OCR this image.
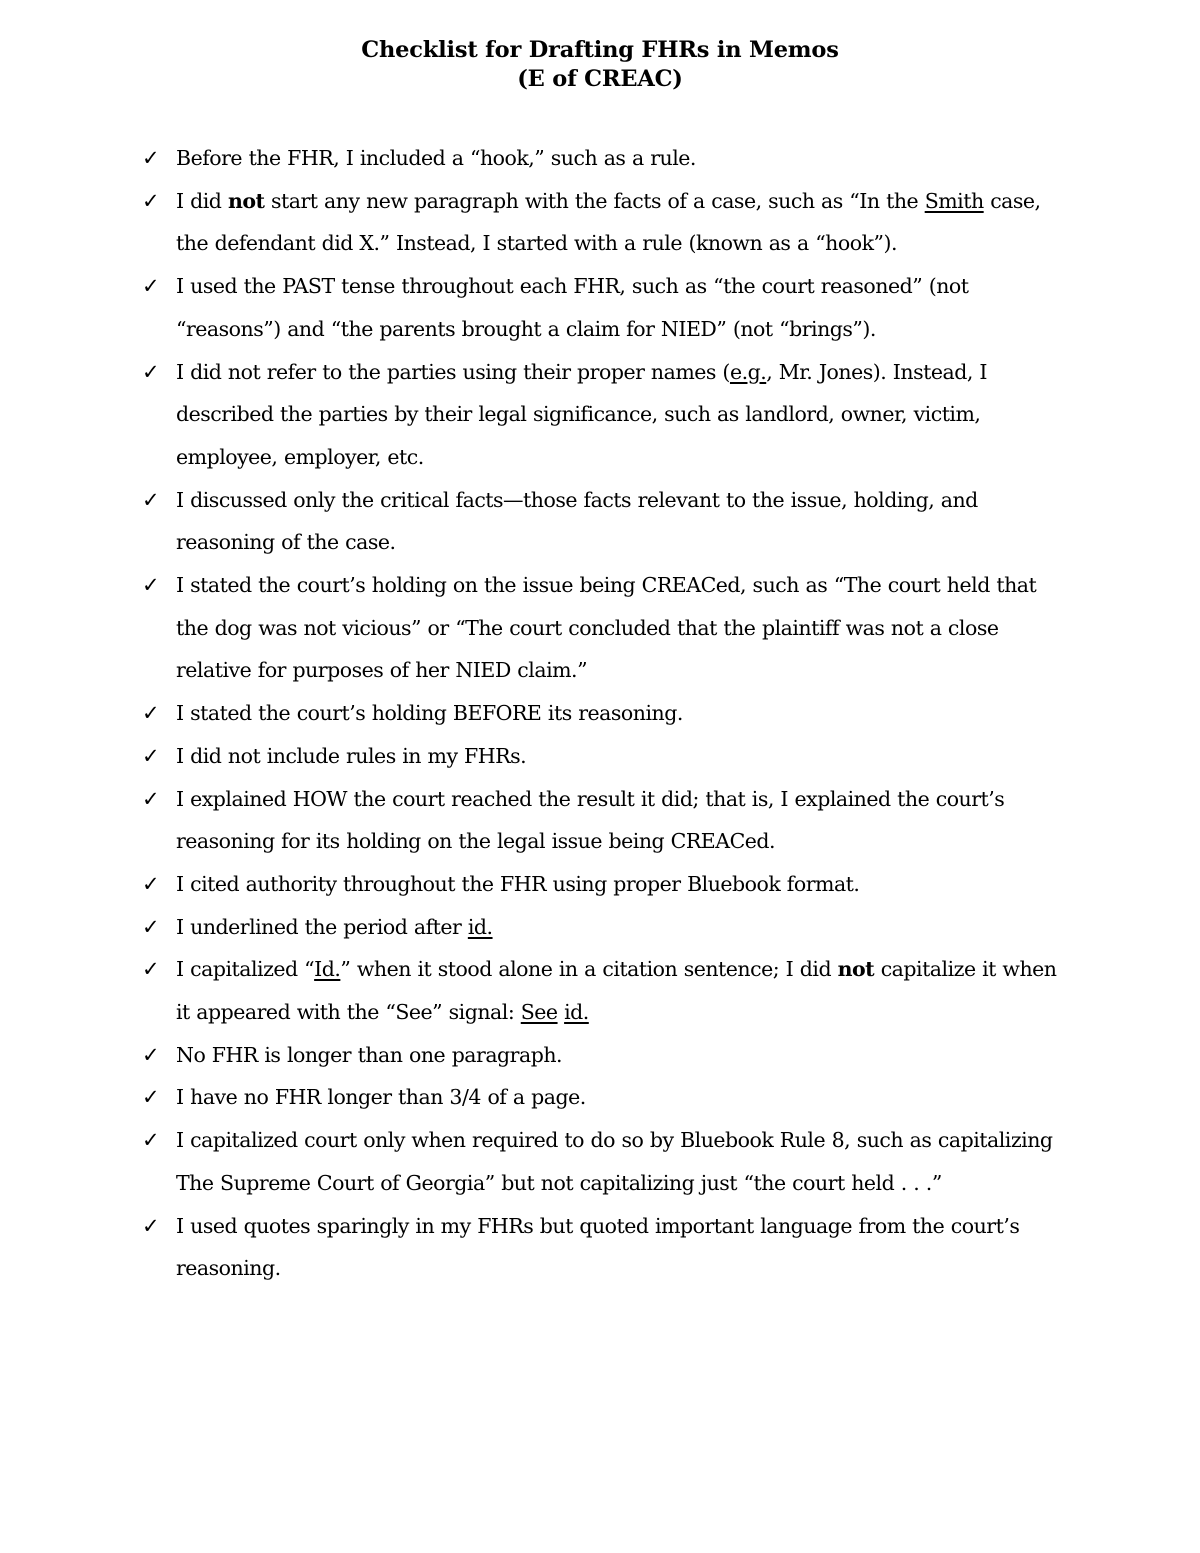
Checklist for Drafting FHRs in Memos
(E of CREAC)
✓ Before the FHR, I included a “hook,” such as a rule.
✓ I did not start any new paragraph with the facts of a case, such as “In the Smith case, the defendant did X.” Instead, I started with a rule (known as a “hook”).
✓ I used the PAST tense throughout each FHR, such as “the court reasoned” (not “reasons”) and “the parents brought a claim for NIED” (not “brings”).
✓ I did not refer to the parties using their proper names (e.g., Mr. Jones). Instead, I described the parties by their legal significance, such as landlord, owner, victim, employee, employer, etc.
✓ I discussed only the critical facts—those facts relevant to the issue, holding, and reasoning of the case.
✓ I stated the court’s holding on the issue being CREACed, such as “The court held that the dog was not vicious” or “The court concluded that the plaintiff was not a close relative for purposes of her NIED claim.”
✓ I stated the court’s holding BEFORE its reasoning.
✓ I did not include rules in my FHRs.
✓ I explained HOW the court reached the result it did; that is, I explained the court’s reasoning for its holding on the legal issue being CREACed.
✓ I cited authority throughout the FHR using proper Bluebook format.
✓ I underlined the period after id.
✓ I capitalized “Id.” when it stood alone in a citation sentence; I did not capitalize it when it appeared with the “See” signal: See id.
✓ No FHR is longer than one paragraph.
✓ I have no FHR longer than 3/4 of a page.
✓ I capitalized court only when required to do so by Bluebook Rule 8, such as capitalizing The Supreme Court of Georgia” but not capitalizing just “the court held . . .”
✓ I used quotes sparingly in my FHRs but quoted important language from the court’s reasoning.
